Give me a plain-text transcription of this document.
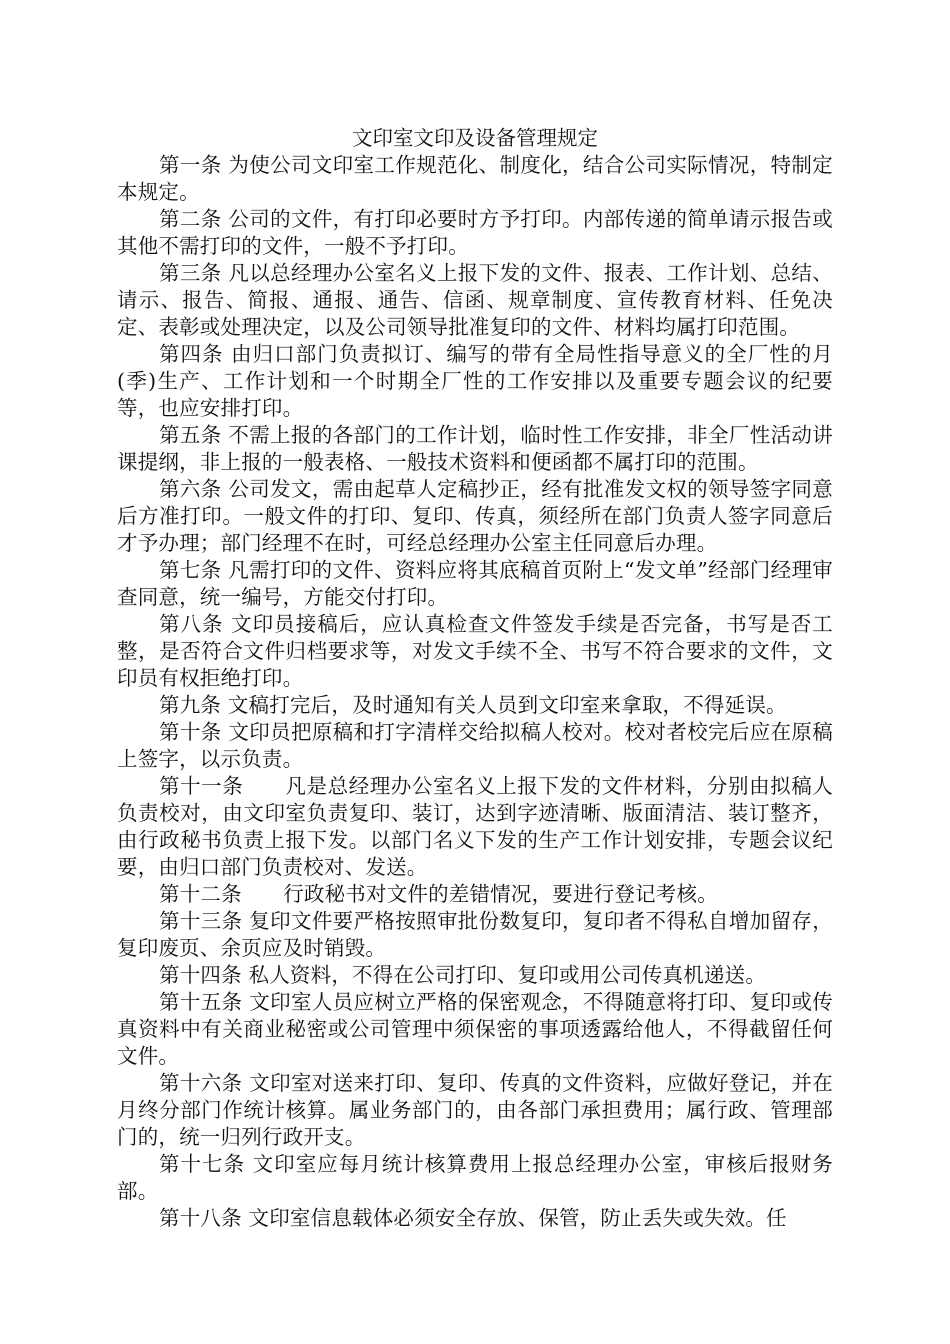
文印室文印及设备管理规定

第一条 为使公司文印室工作规范化、制度化，结合公司实际情况，特制定本规定。

第二条 公司的文件，有打印必要时方予打印。内部传递的简单请示报告或其他不需打印的文件，一般不予打印。

第三条 凡以总经理办公室名义上报下发的文件、报表、工作计划、总结、请示、报告、简报、通报、通告、信函、规章制度、宣传教育材料、任免决定、表彰或处理决定，以及公司领导批准复印的文件、材料均属打印范围。

第四条 由归口部门负责拟订、编写的带有全局性指导意义的全厂性的月(季)生产、工作计划和一个时期全厂性的工作安排以及重要专题会议的纪要等，也应安排打印。

第五条 不需上报的各部门的工作计划，临时性工作安排，非全厂性活动讲课提纲，非上报的一般表格、一般技术资料和便函都不属打印的范围。

第六条 公司发文，需由起草人定稿抄正，经有批准发文权的领导签字同意后方准打印。一般文件的打印、复印、传真，须经所在部门负责人签字同意后才予办理；部门经理不在时，可经总经理办公室主任同意后办理。

第七条 凡需打印的文件、资料应将其底稿首页附上“发文单”经部门经理审查同意，统一编号，方能交付打印。

第八条 文印员接稿后，应认真检查文件签发手续是否完备，书写是否工整，是否符合文件归档要求等，对发文手续不全、书写不符合要求的文件，文印员有权拒绝打印。

第九条 文稿打完后，及时通知有关人员到文印室来拿取，不得延误。

第十条 文印员把原稿和打字清样交给拟稿人校对。校对者校完后应在原稿上签字，以示负责。

第十一条　　凡是总经理办公室名义上报下发的文件材料，分别由拟稿人负责校对，由文印室负责复印、装订，达到字迹清晰、版面清洁、装订整齐，由行政秘书负责上报下发。以部门名义下发的生产工作计划安排，专题会议纪要，由归口部门负责校对、发送。

第十二条　　行政秘书对文件的差错情况，要进行登记考核。

第十三条 复印文件要严格按照审批份数复印，复印者不得私自增加留存，复印废页、余页应及时销毁。

第十四条 私人资料，不得在公司打印、复印或用公司传真机递送。

第十五条 文印室人员应树立严格的保密观念，不得随意将打印、复印或传真资料中有关商业秘密或公司管理中须保密的事项透露给他人，不得截留任何文件。

第十六条 文印室对送来打印、复印、传真的文件资料，应做好登记，并在月终分部门作统计核算。属业务部门的，由各部门承担费用；属行政、管理部门的，统一归列行政开支。

第十七条 文印室应每月统计核算费用上报总经理办公室，审核后报财务部。

第十八条 文印室信息载体必须安全存放、保管，防止丢失或失效。任
